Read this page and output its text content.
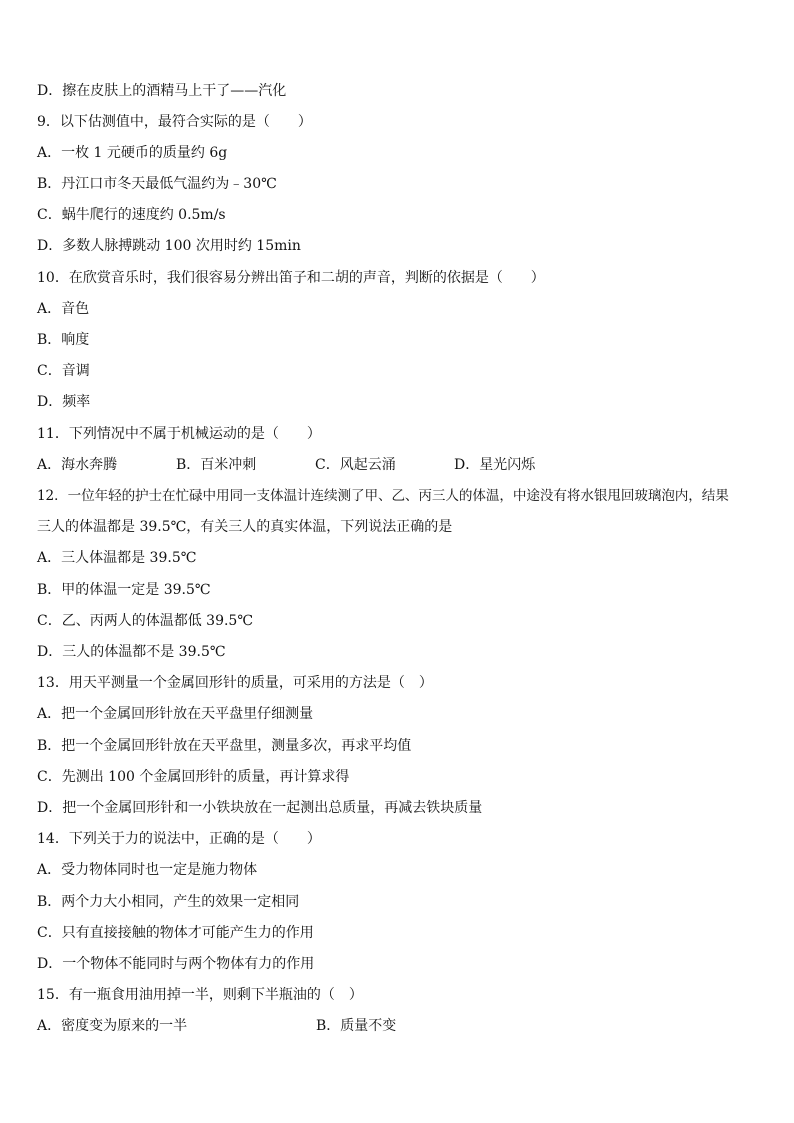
D．擦在皮肤上的酒精马上干了——汽化
9．以下估测值中，最符合实际的是（　　）
A．一枚 1 元硬币的质量约 6g
B．丹江口市冬天最低气温约为﹣30℃
C．蜗牛爬行的速度约 0.5m/s
D．多数人脉搏跳动 100 次用时约 15min
10．在欣赏音乐时，我们很容易分辨出笛子和二胡的声音，判断的依据是（　　）
A．音色
B．响度
C．音调
D．频率
11．下列情况中不属于机械运动的是（　　）
A．海水奔腾	B．百米冲刺	C．风起云涌	D．星光闪烁
12．一位年轻的护士在忙碌中用同一支体温计连续测了甲、乙、丙三人的体温，中途没有将水银甩回玻璃泡内，结果
三人的体温都是 39.5℃，有关三人的真实体温，下列说法正确的是
A．三人体温都是 39.5℃
B．甲的体温一定是 39.5℃
C．乙、丙两人的体温都低 39.5℃
D．三人的体温都不是 39.5℃
13．用天平测量一个金属回形针的质量，可采用的方法是（　）
A．把一个金属回形针放在天平盘里仔细测量
B．把一个金属回形针放在天平盘里，测量多次，再求平均值
C．先测出 100 个金属回形针的质量，再计算求得
D．把一个金属回形针和一小铁块放在一起测出总质量，再减去铁块质量
14．下列关于力的说法中，正确的是（　　）
A．受力物体同时也一定是施力物体
B．两个力大小相同，产生的效果一定相同
C．只有直接接触的物体才可能产生力的作用
D．一个物体不能同时与两个物体有力的作用
15．有一瓶食用油用掉一半，则剩下半瓶油的（　）
A．密度变为原来的一半	B．质量不变
